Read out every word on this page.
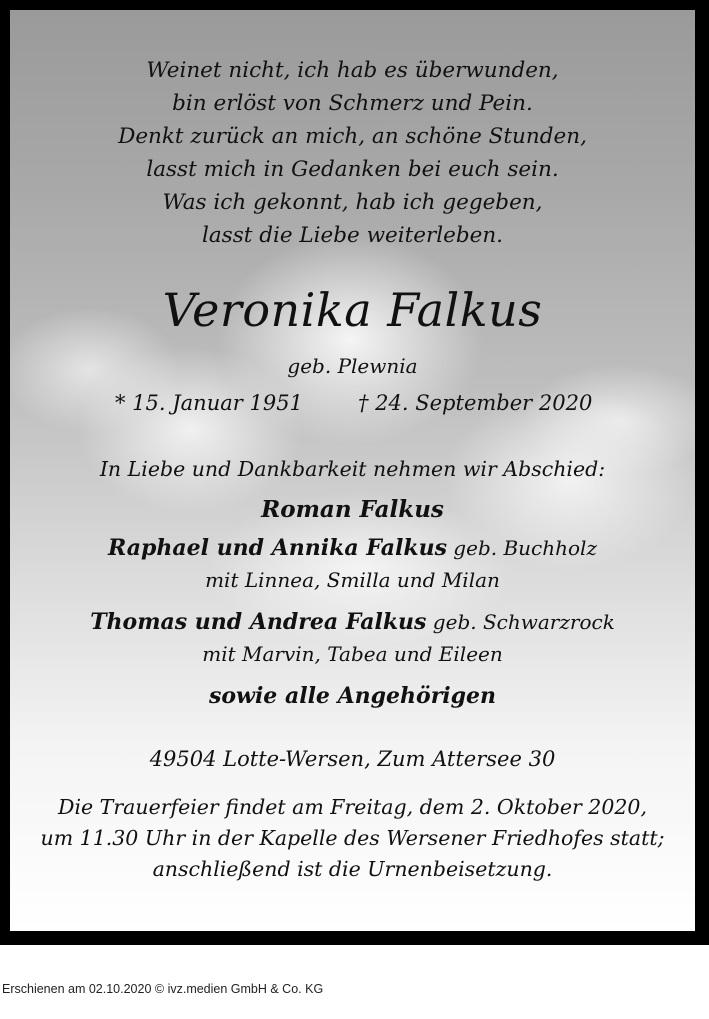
Weinet nicht, ich hab es überwunden,
bin erlöst von Schmerz und Pein.
Denkt zurück an mich, an schöne Stunden,
lasst mich in Gedanken bei euch sein.
Was ich gekonnt, hab ich gegeben,
lasst die Liebe weiterleben.
Veronika Falkus
geb. Plewnia
* 15. Januar 1951	† 24. September 2020
In Liebe und Dankbarkeit nehmen wir Abschied:
Roman Falkus
Raphael und Annika Falkus geb. Buchholz
mit Linnea, Smilla und Milan
Thomas und Andrea Falkus geb. Schwarzrock
mit Marvin, Tabea und Eileen
sowie alle Angehörigen
49504 Lotte-Wersen, Zum Attersee 30
Die Trauerfeier findet am Freitag, dem 2. Oktober 2020,
um 11.30 Uhr in der Kapelle des Wersener Friedhofes statt;
anschließend ist die Urnenbeisetzung.
Erschienen am 02.10.2020 © ivz.medien GmbH & Co. KG
